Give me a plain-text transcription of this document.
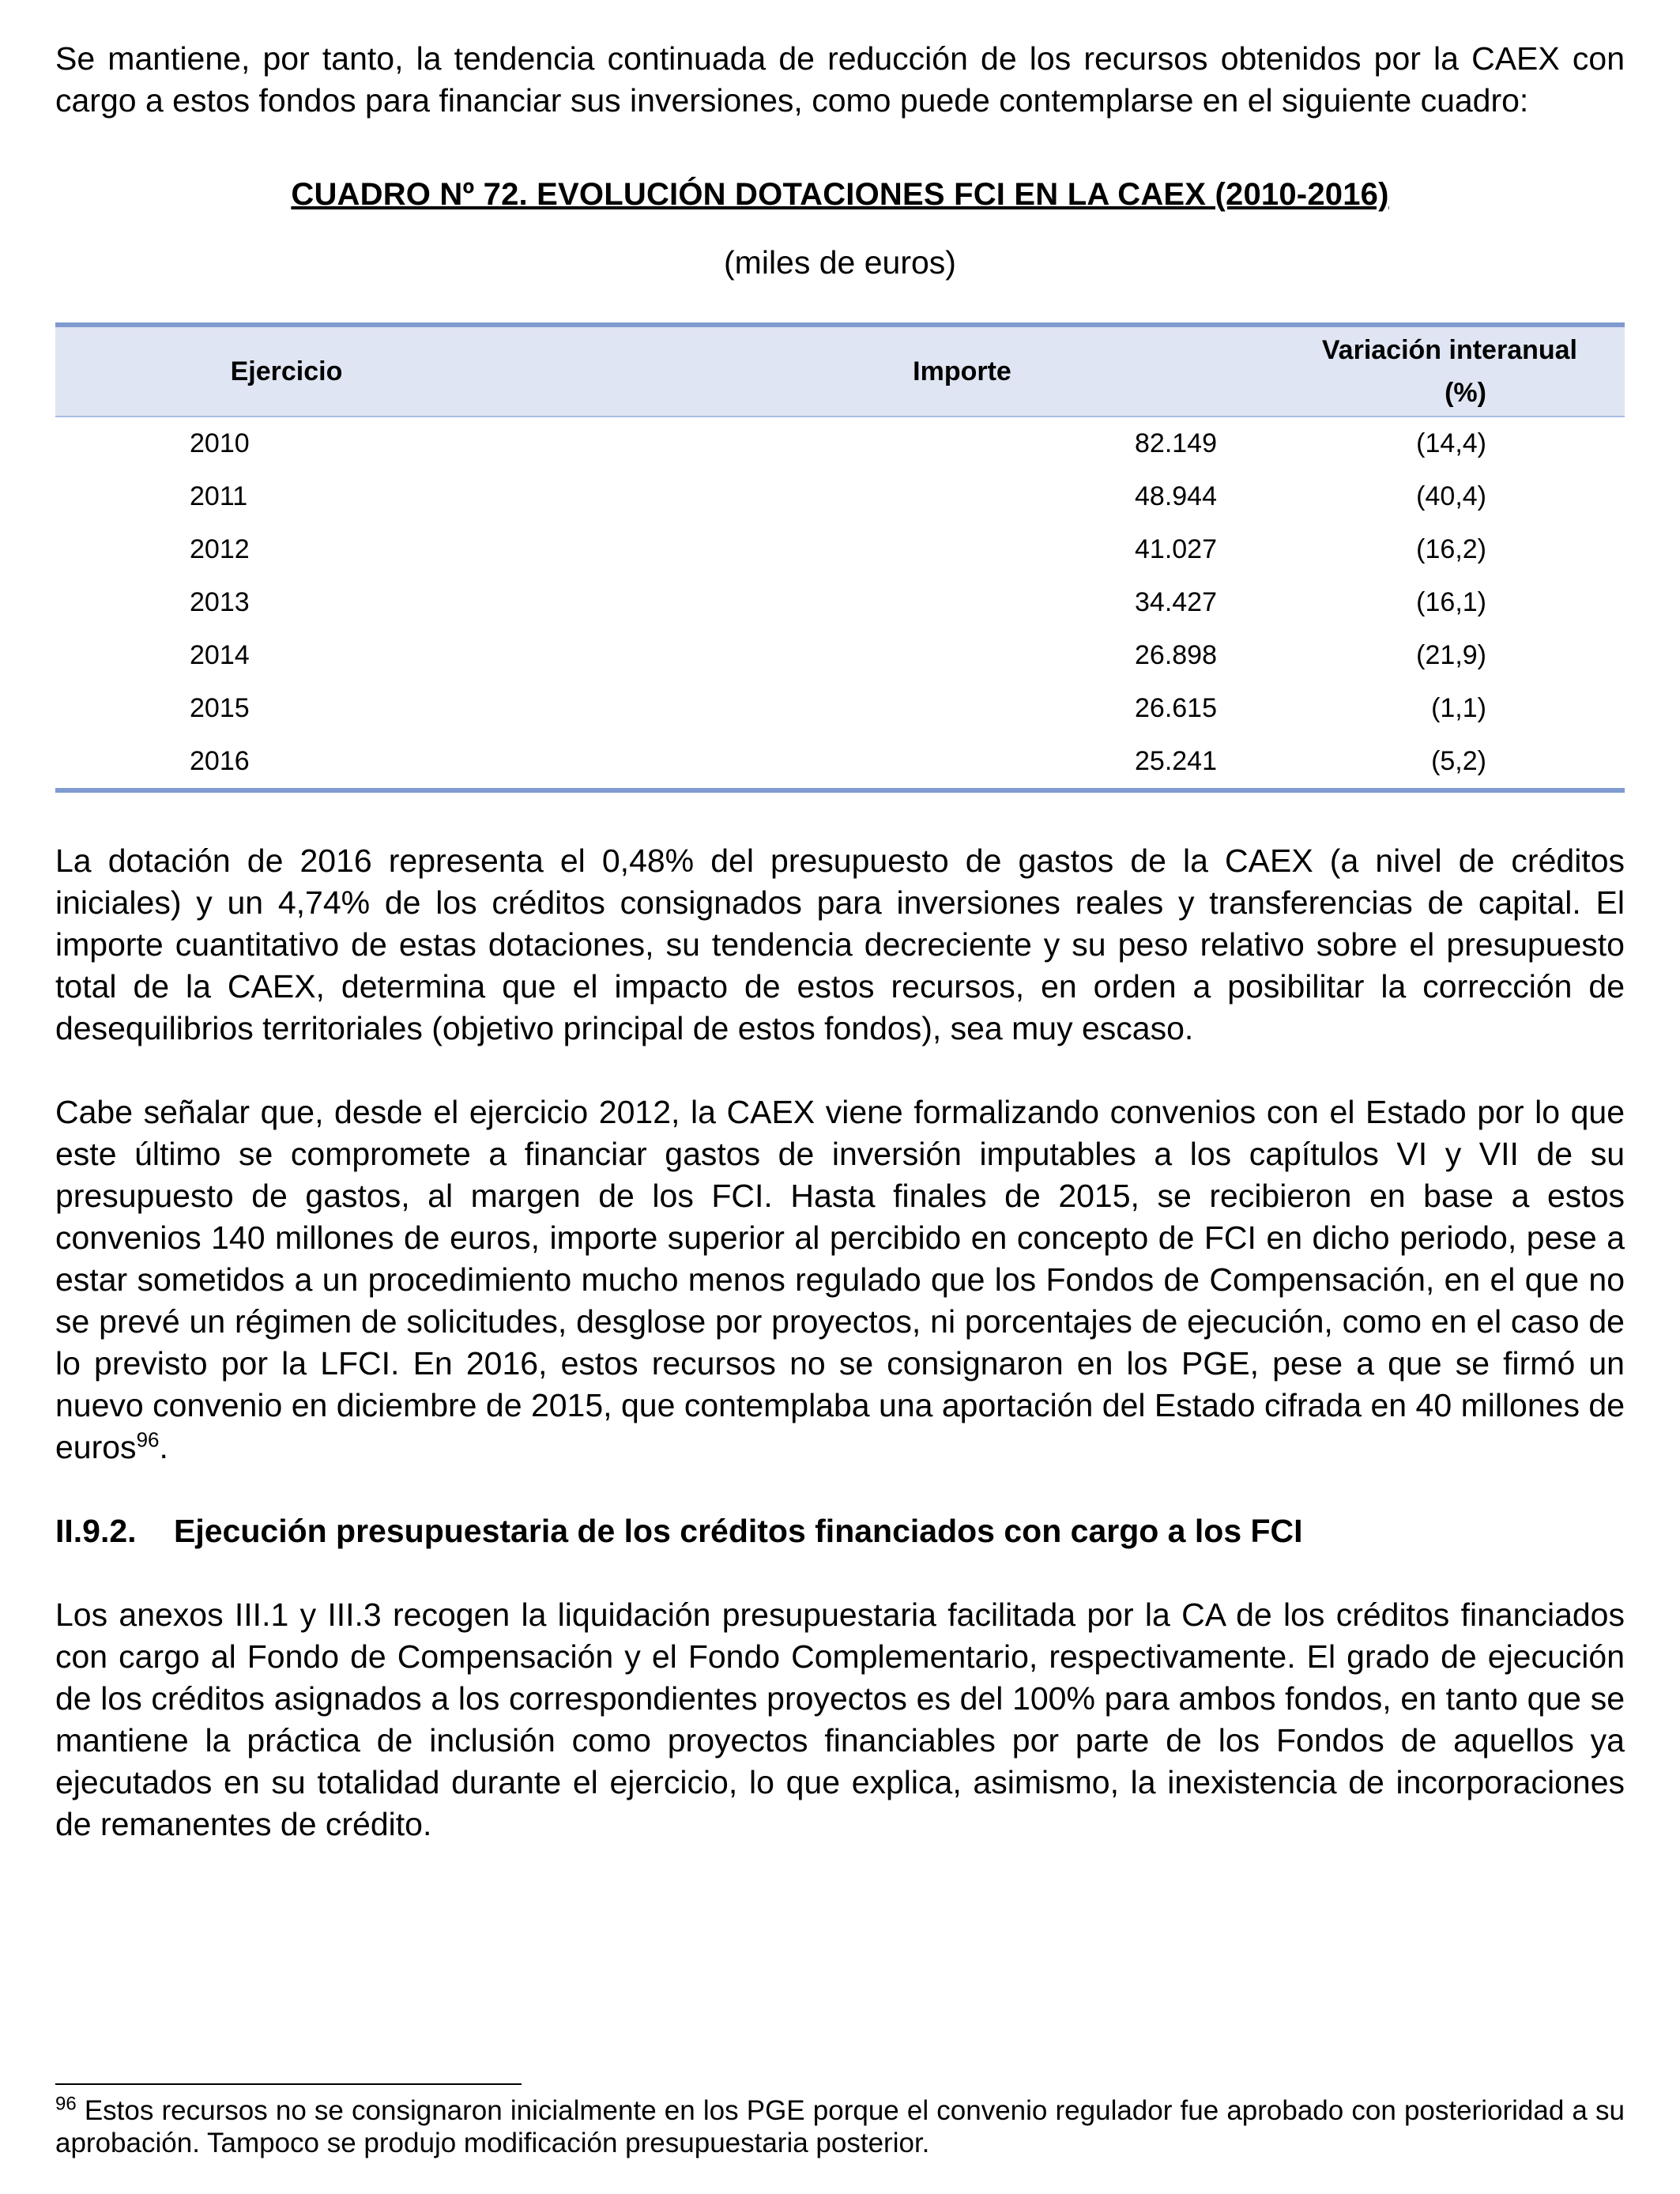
Se mantiene, por tanto, la tendencia continuada de reducción de los recursos obtenidos por la CAEX con cargo a estos fondos para financiar sus inversiones, como puede contemplarse en el siguiente cuadro:

CUADRO Nº 72. EVOLUCIÓN DOTACIONES FCI EN LA CAEX (2010-2016)
(miles de euros)
Ejercicio	Importe	Variación interanual
(%)
2010	82.149	(14,4)
2011	48.944	(40,4)
2012	41.027	(16,2)
2013	34.427	(16,1)
2014	26.898	(21,9)
2015	26.615	(1,1)
2016	25.241	(5,2)

La dotación de 2016 representa el 0,48% del presupuesto de gastos de la CAEX (a nivel de créditos iniciales) y un 4,74% de los créditos consignados para inversiones reales y transferencias de capital. El importe cuantitativo de estas dotaciones, su tendencia decreciente y su peso relativo sobre el presupuesto total de la CAEX, determina que el impacto de estos recursos, en orden a posibilitar la corrección de desequilibrios territoriales (objetivo principal de estos fondos), sea muy escaso.

Cabe señalar que, desde el ejercicio 2012, la CAEX viene formalizando convenios con el Estado por lo que este último se compromete a financiar gastos de inversión imputables a los capítulos VI y VII de su presupuesto de gastos, al margen de los FCI. Hasta finales de 2015, se recibieron en base a estos convenios 140 millones de euros, importe superior al percibido en concepto de FCI en dicho periodo, pese a estar sometidos a un procedimiento mucho menos regulado que los Fondos de Compensación, en el que no se prevé un régimen de solicitudes, desglose por proyectos, ni porcentajes de ejecución, como en el caso de lo previsto por la LFCI. En 2016, estos recursos no se consignaron en los PGE, pese a que se firmó un nuevo convenio en diciembre de 2015, que contemplaba una aportación del Estado cifrada en 40 millones de euros$^{96}$.

II.9.2. Ejecución presupuestaria de los créditos financiados con cargo a los FCI

Los anexos III.1 y III.3 recogen la liquidación presupuestaria facilitada por la CA de los créditos financiados con cargo al Fondo de Compensación y el Fondo Complementario, respectivamente. El grado de ejecución de los créditos asignados a los correspondientes proyectos es del 100% para ambos fondos, en tanto que se mantiene la práctica de inclusión como proyectos financiables por parte de los Fondos de aquellos ya ejecutados en su totalidad durante el ejercicio, lo que explica, asimismo, la inexistencia de incorporaciones de remanentes de crédito.

$^{96}$ Estos recursos no se consignaron inicialmente en los PGE porque el convenio regulador fue aprobado con posterioridad a su aprobación. Tampoco se produjo modificación presupuestaria posterior.
